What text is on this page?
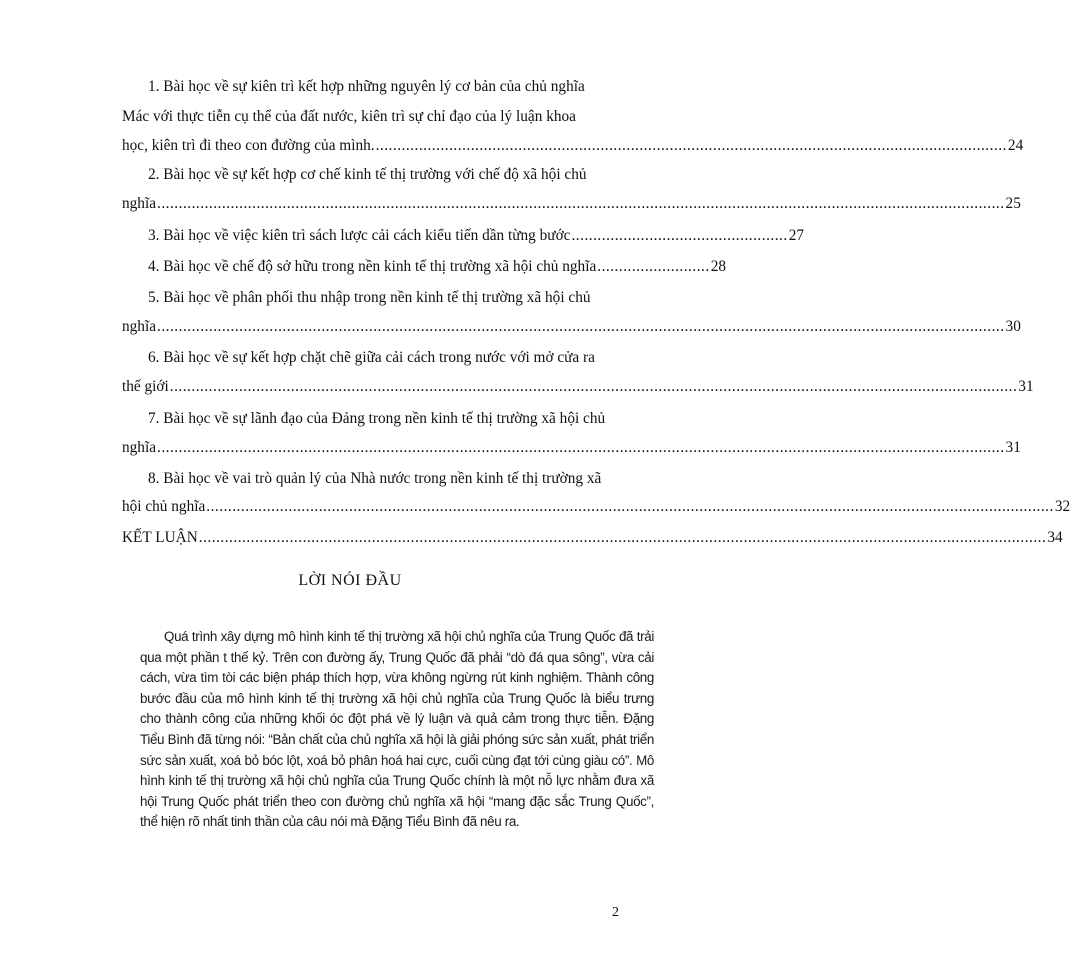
1. Bài học về sự kiên trì kết hợp những nguyên lý cơ bản của chủ nghĩa
Mác với thực tiễn cụ thể của đất nước, kiên trì sự chỉ đạo của lý luận khoa
học, kiên trì đi theo con đường của mình. .................................................................................................................................................. 24
2. Bài học về sự kết hợp cơ chế kinh tế thị trường với chế độ xã hội chủ
nghĩa .................................................................................................................................................................................................... 25
3. Bài học về việc kiên trì sách lược cải cách kiểu tiến dần từng bước .................................................. 27
4. Bài học về chế độ sở hữu trong nền kinh tế thị trường xã hội chủ nghĩa .......................... 28
5. Bài học về phân phối thu nhập trong nền kinh tế thị trường xã hội chủ
nghĩa .................................................................................................................................................................................................... 30
6. Bài học về sự kết hợp chặt chẽ giữa cải cách trong nước với mở cửa ra
thế giới .................................................................................................................................................................................................... 31
7. Bài học về sự lãnh đạo của Đảng trong nền kinh tế thị trường xã hội chủ
nghĩa .................................................................................................................................................................................................... 31
8. Bài học về vai trò quản lý của Nhà nước trong nền kinh tế thị trường xã
hội chủ nghĩa .................................................................................................................................................................................................... 32
KẾT LUẬN .................................................................................................................................................................................................... 34
LỜI NÓI ĐẦU

Quá trình xây dựng mô hình kinh tế thị trường xã hội chủ nghĩa của Trung Quốc đã trải qua một phần t thế kỷ. Trên con đường ấy, Trung Quốc đã phải “dò đá qua sông”, vừa cải cách, vừa tìm tòi các biện pháp thích hợp, vừa không ngừng rút kinh nghiệm. Thành công bước đầu của mô hình kinh tế thị trường xã hội chủ nghĩa của Trung Quốc là biểu trưng cho thành công của những khối óc đột phá về lý luận và quả cảm trong thực tiễn. Đặng Tiểu Bình đã từng nói: “Bản chất của chủ nghĩa xã hội là giải phóng sức sản xuất, phát triển sức sản xuất, xoá bỏ bóc lột, xoá bỏ phân hoá hai cực, cuối cùng đạt tới cùng giàu có”. Mô hình kinh tế thị trường xã hội chủ nghĩa của Trung Quốc chính là một nỗ lực nhằm đưa xã hội Trung Quốc phát triển theo con đường chủ nghĩa xã hội “mang đặc sắc Trung Quốc”, thể hiện rõ nhất tinh thần của câu nói mà Đặng Tiểu Bình đã nêu ra.

2
